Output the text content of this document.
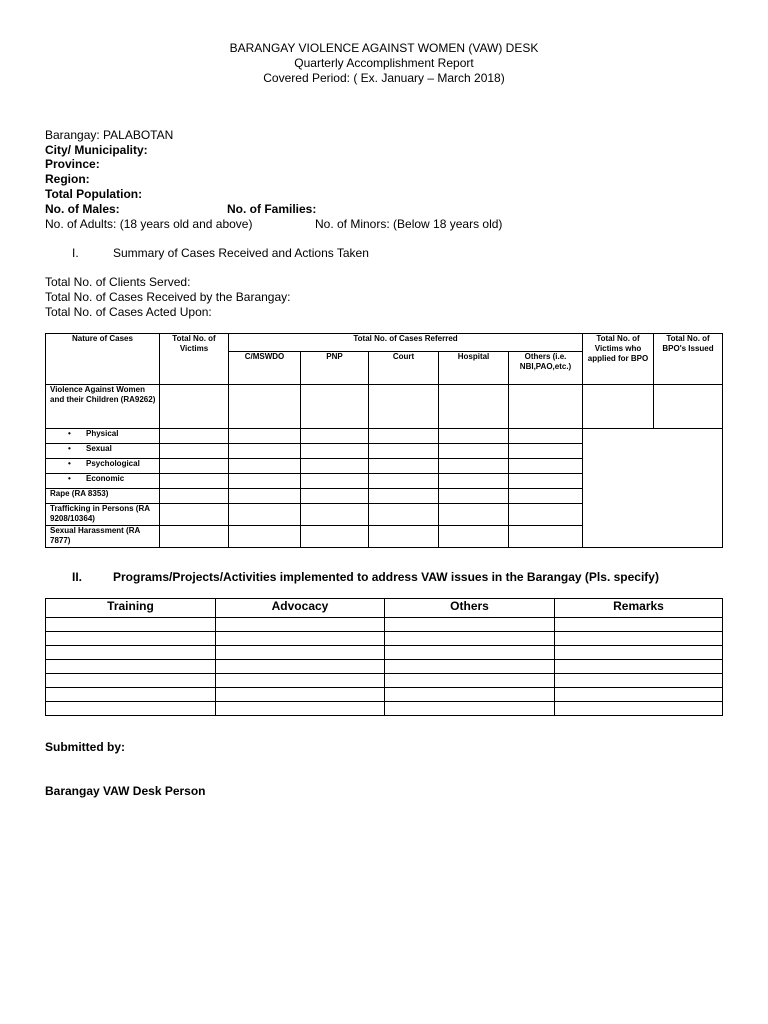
BARANGAY VIOLENCE AGAINST WOMEN (VAW) DESK
Quarterly Accomplishment Report
Covered Period: ( Ex. January – March 2018)
Barangay: PALABOTAN
City/ Municipality:
Province:
Region:
Total Population:
No. of Males:	No. of Families:
No. of Adults: (18 years old and above)	No. of Minors: (Below 18 years old)
I.	Summary of Cases Received and Actions Taken
Total No. of Clients Served:
Total No. of Cases Received by the Barangay:
Total No. of Cases Acted Upon:
Nature of Cases	Total No. of Victims	Total No. of Cases Referred					Total No. of Victims who applied for BPO	Total No. of BPO's Issued
		C/MSWDO	PNP	Court	Hospital	Others (i.e. NBI,PAO,etc.)		
Violence Against Women and their Children (RA9262)								
• Physical								
• Sexual								
• Psychological								
• Economic								
Rape (RA 8353)								
Trafficking in Persons (RA 9208/10364)								
Sexual Harassment (RA 7877)								
II.	Programs/Projects/Activities implemented to address VAW issues in the Barangay (Pls. specify)
Training	Advocacy	Others	Remarks

Submitted by:
Barangay VAW Desk Person
